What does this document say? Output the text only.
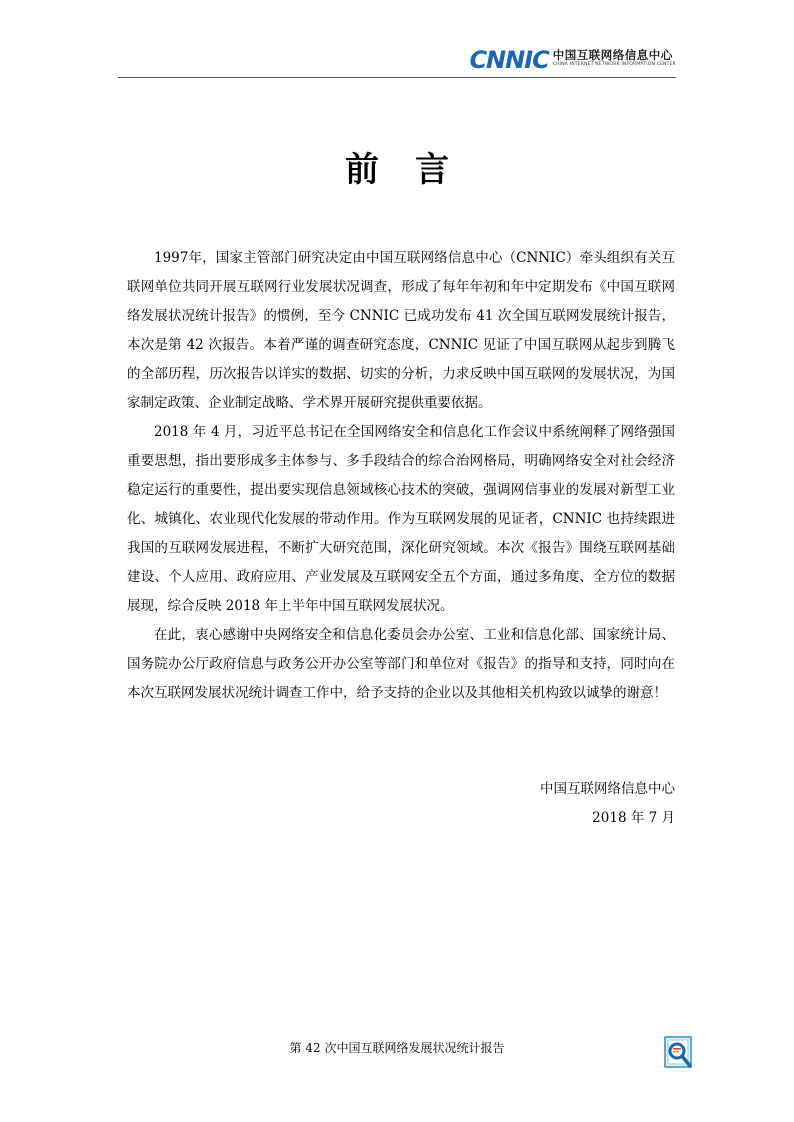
CNNIC 中国互联网络信息中心
CHINA INTERNET NETWORK INFORMATION CENTER
前言

1997年，国家主管部门研究决定由中国互联网络信息中心（CNNIC）牵头组织有关互联网单位共同开展互联网行业发展状况调查，形成了每年年初和年中定期发布《中国互联网络发展状况统计报告》的惯例，至今 CNNIC 已成功发布 41 次全国互联网发展统计报告，本次是第 42 次报告。本着严谨的调查研究态度，CNNIC 见证了中国互联网从起步到腾飞的全部历程，历次报告以详实的数据、切实的分析，力求反映中国互联网的发展状况，为国家制定政策、企业制定战略、学术界开展研究提供重要依据。

2018 年 4 月，习近平总书记在全国网络安全和信息化工作会议中系统阐释了网络强国重要思想，指出要形成多主体参与、多手段结合的综合治网格局，明确网络安全对社会经济稳定运行的重要性，提出要实现信息领域核心技术的突破，强调网信事业的发展对新型工业化、城镇化、农业现代化发展的带动作用。作为互联网发展的见证者，CNNIC 也持续跟进我国的互联网发展进程，不断扩大研究范围，深化研究领域。本次《报告》围绕互联网基础建设、个人应用、政府应用、产业发展及互联网安全五个方面，通过多角度、全方位的数据展现，综合反映 2018 年上半年中国互联网发展状况。

在此，衷心感谢中央网络安全和信息化委员会办公室、工业和信息化部、国家统计局、国务院办公厅政府信息与政务公开办公室等部门和单位对《报告》的指导和支持，同时向在本次互联网发展状况统计调查工作中，给予支持的企业以及其他相关机构致以诚挚的谢意！

中国互联网络信息中心
2018 年 7 月
第 42 次中国互联网络发展状况统计报告
